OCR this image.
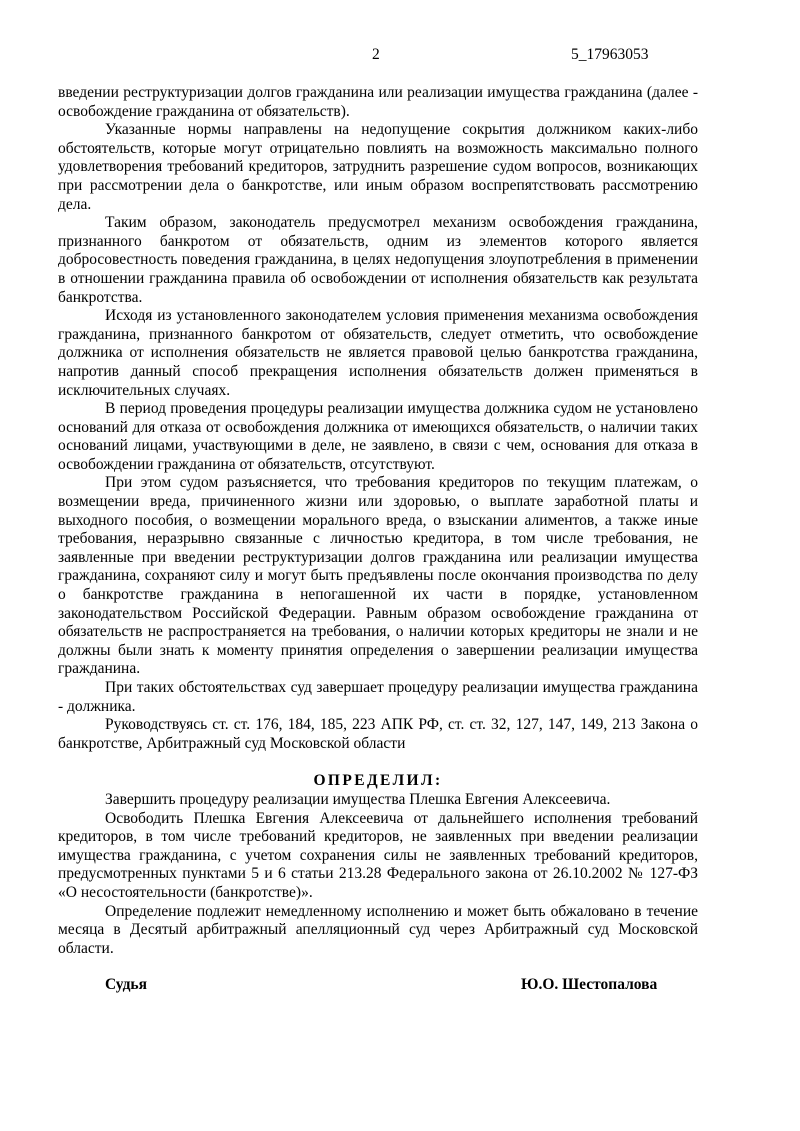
2	5_17963053

введении реструктуризации долгов гражданина или реализации имущества гражданина (далее - освобождение гражданина от обязательств).

Указанные нормы направлены на недопущение сокрытия должником каких-либо обстоятельств, которые могут отрицательно повлиять на возможность максимально полного удовлетворения требований кредиторов, затруднить разрешение судом вопросов, возникающих при рассмотрении дела о банкротстве, или иным образом воспрепятствовать рассмотрению дела.

Таким образом, законодатель предусмотрел механизм освобождения гражданина, признанного банкротом от обязательств, одним из элементов которого является добросовестность поведения гражданина, в целях недопущения злоупотребления в применении в отношении гражданина правила об освобождении от исполнения обязательств как результата банкротства.

Исходя из установленного законодателем условия применения механизма освобождения гражданина, признанного банкротом от обязательств, следует отметить, что освобождение должника от исполнения обязательств не является правовой целью банкротства гражданина, напротив данный способ прекращения исполнения обязательств должен применяться в исключительных случаях.

В период проведения процедуры реализации имущества должника судом не установлено оснований для отказа от освобождения должника от имеющихся обязательств, о наличии таких оснований лицами, участвующими в деле, не заявлено, в связи с чем, основания для отказа в освобождении гражданина от обязательств, отсутствуют.

При этом судом разъясняется, что требования кредиторов по текущим платежам, о возмещении вреда, причиненного жизни или здоровью, о выплате заработной платы и выходного пособия, о возмещении морального вреда, о взыскании алиментов, а также иные требования, неразрывно связанные с личностью кредитора, в том числе требования, не заявленные при введении реструктуризации долгов гражданина или реализации имущества гражданина, сохраняют силу и могут быть предъявлены после окончания производства по делу о банкротстве гражданина в непогашенной их части в порядке, установленном законодательством Российской Федерации. Равным образом освобождение гражданина от обязательств не распространяется на требования, о наличии которых кредиторы не знали и не должны были знать к моменту принятия определения о завершении реализации имущества гражданина.

При таких обстоятельствах суд завершает процедуру реализации имущества гражданина - должника.

Руководствуясь ст. ст. 176, 184, 185, 223 АПК РФ, ст. ст. 32, 127, 147, 149, 213 Закона о банкротстве, Арбитражный суд Московской области

ОПРЕДЕЛИЛ:

Завершить процедуру реализации имущества Плешка Евгения Алексеевича.

Освободить Плешка Евгения Алексеевича от дальнейшего исполнения требований кредиторов, в том числе требований кредиторов, не заявленных при введении реализации имущества гражданина, с учетом сохранения силы не заявленных требований кредиторов, предусмотренных пунктами 5 и 6 статьи 213.28 Федерального закона от 26.10.2002 № 127-ФЗ «О несостоятельности (банкротстве)».

Определение подлежит немедленному исполнению и может быть обжаловано в течение месяца в Десятый арбитражный апелляционный суд через Арбитражный суд Московской области.

Судья	Ю.О. Шестопалова
